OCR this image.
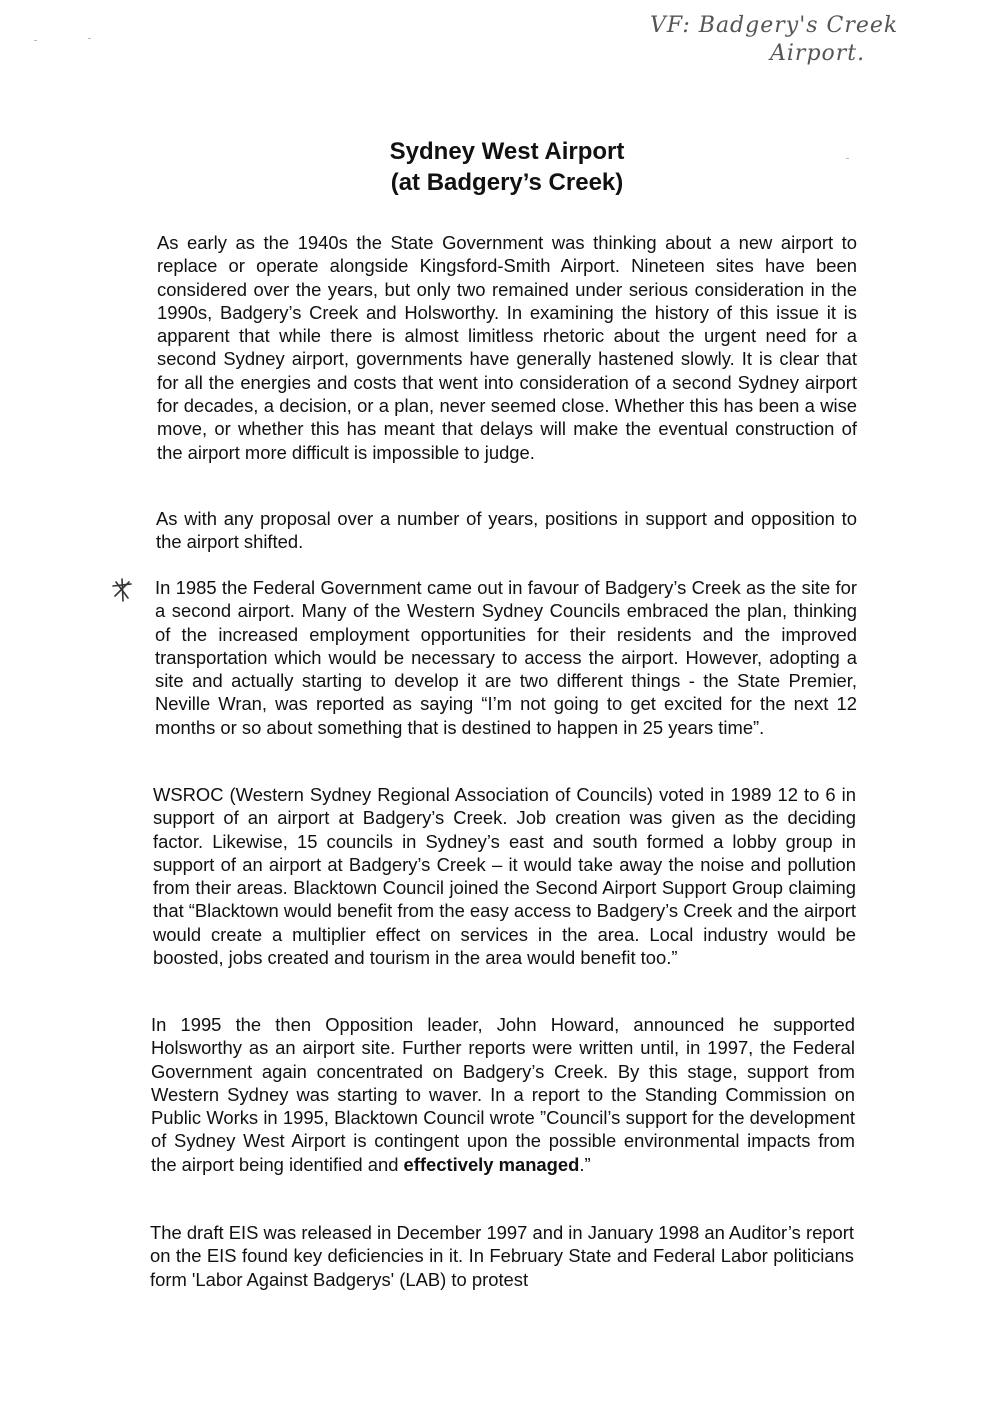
VF: Badgery's Creek
Airport.
Sydney West Airport
(at Badgery’s Creek)

As early as the 1940s the State Government was thinking about a new airport to replace or operate alongside Kingsford-Smith Airport. Nineteen sites have been considered over the years, but only two remained under serious consideration in the 1990s, Badgery’s Creek and Holsworthy. In examining the history of this issue it is apparent that while there is almost limitless rhetoric about the urgent need for a second Sydney airport, governments have generally hastened slowly. It is clear that for all the energies and costs that went into consideration of a second Sydney airport for decades, a decision, or a plan, never seemed close. Whether this has been a wise move, or whether this has meant that delays will make the eventual construction of the airport more difficult is impossible to judge.

As with any proposal over a number of years, positions in support and opposition to the airport shifted.

In 1985 the Federal Government came out in favour of Badgery’s Creek as the site for a second airport. Many of the Western Sydney Councils embraced the plan, thinking of the increased employment opportunities for their residents and the improved transportation which would be necessary to access the airport. However, adopting a site and actually starting to develop it are two different things - the State Premier, Neville Wran, was reported as saying “I’m not going to get excited for the next 12 months or so about something that is destined to happen in 25 years time”.

WSROC (Western Sydney Regional Association of Councils) voted in 1989 12 to 6 in support of an airport at Badgery’s Creek. Job creation was given as the deciding factor. Likewise, 15 councils in Sydney’s east and south formed a lobby group in support of an airport at Badgery’s Creek – it would take away the noise and pollution from their areas. Blacktown Council joined the Second Airport Support Group claiming that “Blacktown would benefit from the easy access to Badgery’s Creek and the airport would create a multiplier effect on services in the area. Local industry would be boosted, jobs created and tourism in the area would benefit too.”

In 1995 the then Opposition leader, John Howard, announced he supported Holsworthy as an airport site. Further reports were written until, in 1997, the Federal Government again concentrated on Badgery’s Creek. By this stage, support from Western Sydney was starting to waver. In a report to the Standing Commission on Public Works in 1995, Blacktown Council wrote ”Council’s support for the development of Sydney West Airport is contingent upon the possible environmental impacts from the airport being identified and effectively managed.”

The draft EIS was released in December 1997 and in January 1998 an Auditor’s report on the EIS found key deficiencies in it. In February State and Federal Labor politicians form 'Labor Against Badgerys' (LAB) to protest
